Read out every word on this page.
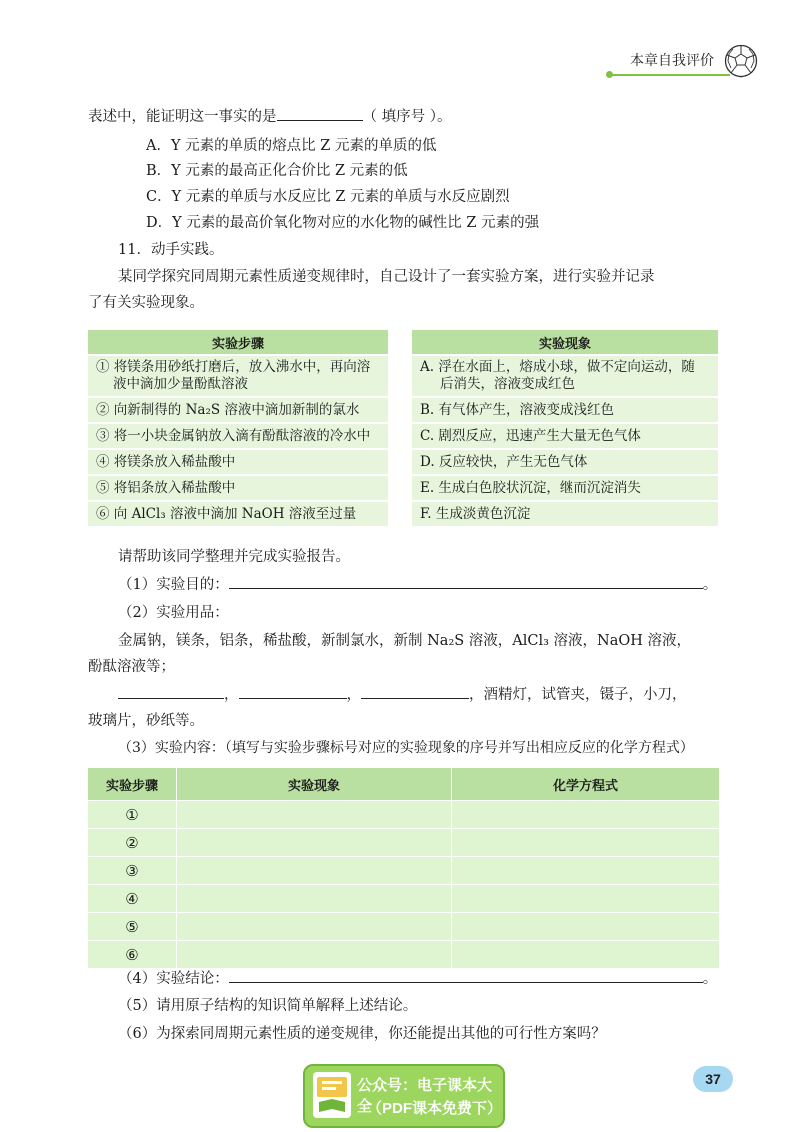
本章自我评价
表述中，能证明这一事实的是	（ 填序号 ）。
A．Y 元素的单质的熔点比 Z 元素的单质的低
B．Y 元素的最高正化合价比 Z 元素的低
C．Y 元素的单质与水反应比 Z 元素的单质与水反应剧烈
D．Y 元素的最高价氧化物对应的水化物的碱性比 Z 元素的强
11．动手实践。
某同学探究同周期元素性质递变规律时，自己设计了一套实验方案，进行实验并记录
了有关实验现象。
实验步骤
① 将镁条用砂纸打磨后，放入沸水中，再向溶
液中滴加少量酚酞溶液
② 向新制得的 Na₂S 溶液中滴加新制的氯水
③ 将一小块金属钠放入滴有酚酞溶液的冷水中
④ 将镁条放入稀盐酸中
⑤ 将铝条放入稀盐酸中
⑥ 向 AlCl₃ 溶液中滴加 NaOH 溶液至过量
实验现象
A. 浮在水面上，熔成小球，做不定向运动，随
后消失，溶液变成红色
B. 有气体产生，溶液变成浅红色
C. 剧烈反应，迅速产生大量无色气体
D. 反应较快，产生无色气体
E. 生成白色胶状沉淀，继而沉淀消失
F. 生成淡黄色沉淀
请帮助该同学整理并完成实验报告。
（1）实验目的：	。
（2）实验用品：
金属钠，镁条，铝条，稀盐酸，新制氯水，新制 Na₂S 溶液，AlCl₃ 溶液，NaOH 溶液，
酚酞溶液等；
，	，	，酒精灯，试管夹，镊子，小刀，
玻璃片，砂纸等。
（3）实验内容：（填写与实验步骤标号对应的实验现象的序号并写出相应反应的化学方程式）
实验步骤	实验现象	化学方程式
①		
②		
③		
④		
⑤		
⑥		
（4）实验结论：	。
（5）请用原子结构的知识简单解释上述结论。
（6）为探索同周期元素性质的递变规律，你还能提出其他的可行性方案吗？
37
公众号：电子课本大全
（PDF课本免费下）
